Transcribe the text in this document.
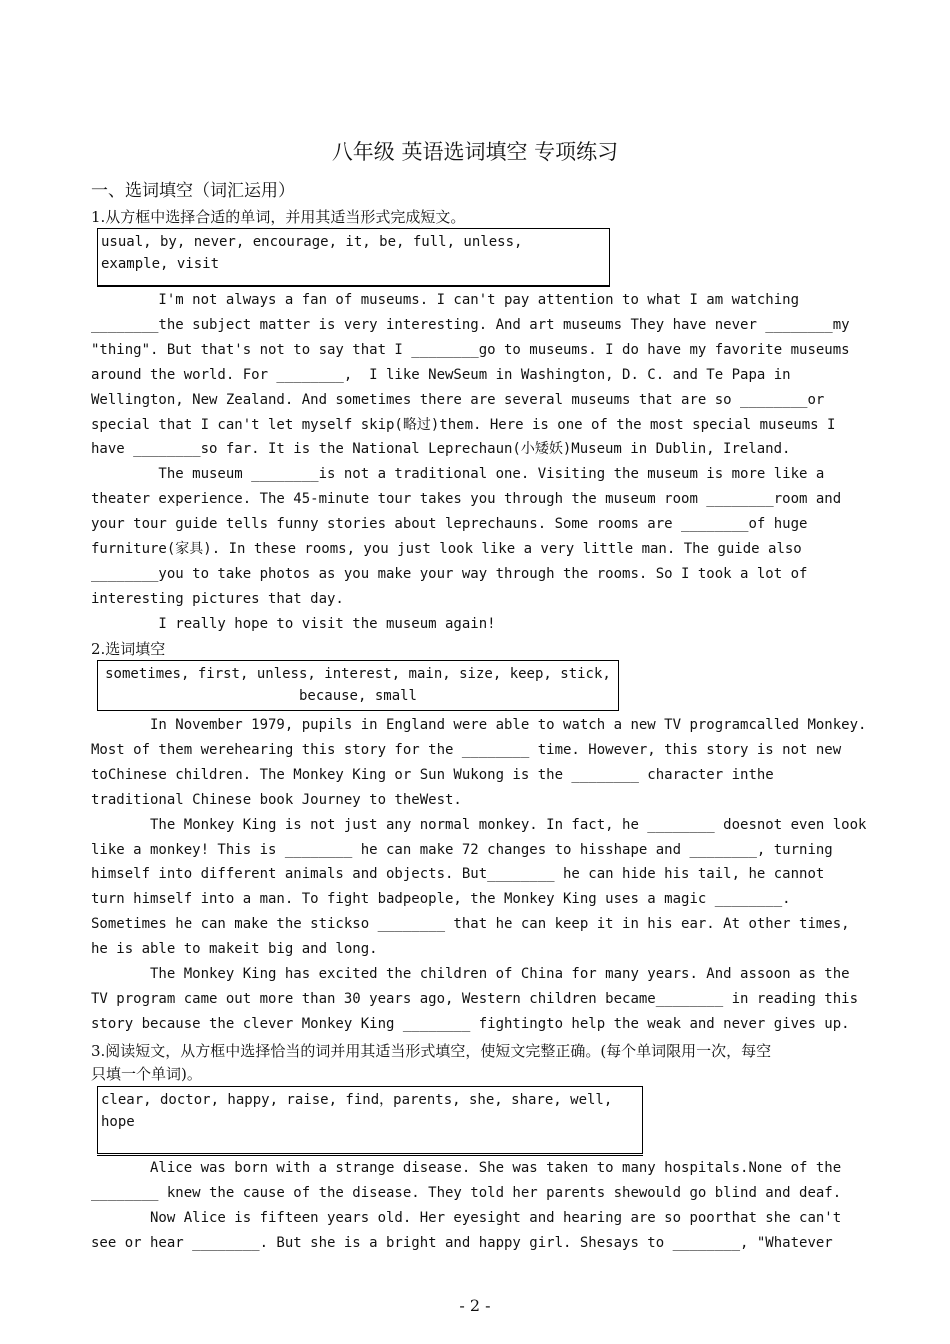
八年级 英语选词填空 专项练习
一、选词填空（词汇运用）
1.从方框中选择合适的单词，并用其适当形式完成短文。
usual, by, never, encourage, it, be, full, unless,
example, visit
I'm not always a fan of museums. I can't pay attention to what I am watching
________the subject matter is very interesting. And art museums They have never ________my
"thing". But that's not to say that I ________go to museums. I do have my favorite museums
around the world. For ________,  I like NewSeum in Washington, D. C. and Te Papa in
Wellington, New Zealand. And sometimes there are several museums that are so ________or
special that I can't let myself skip(略过)them. Here is one of the most special museums I
have ________so far. It is the National Leprechaun(小矮妖)Museum in Dublin, Ireland.
The museum ________is not a traditional one. Visiting the museum is more like a
theater experience. The 45-minute tour takes you through the museum room ________room and
your tour guide tells funny stories about leprechauns. Some rooms are ________of huge
furniture(家具). In these rooms, you just look like a very little man. The guide also
________you to take photos as you make your way through the rooms. So I took a lot of
interesting pictures that day.
I really hope to visit the museum again!
2.选词填空
sometimes, first, unless, interest, main, size, keep, stick,
because, small
In November 1979, pupils in England were able to watch a new TV programcalled Monkey.
Most of them werehearing this story for the ________ time. However, this story is not new
toChinese children. The Monkey King or Sun Wukong is the ________ character inthe
traditional Chinese book Journey to theWest.
The Monkey King is not just any normal monkey. In fact, he ________ doesnot even look
like a monkey! This is ________ he can make 72 changes to hisshape and ________, turning
himself into different animals and objects. But________ he can hide his tail, he cannot
turn himself into a man. To fight badpeople, the Monkey King uses a magic ________.
Sometimes he can make the stickso ________ that he can keep it in his ear. At other times,
he is able to makeit big and long.
The Monkey King has excited the children of China for many years. And assoon as the
TV program came out more than 30 years ago, Western children became________ in reading this
story because the clever Monkey King ________ fightingto help the weak and never gives up.
3.阅读短文，从方框中选择恰当的词并用其适当形式填空，使短文完整正确。(每个单词限用一次，每空
只填一个单词)。
clear, doctor, happy, raise, find，parents, she, share, well,
hope
Alice was born with a strange disease. She was taken to many hospitals.None of the
________ knew the cause of the disease. They told her parents shewould go blind and deaf.
Now Alice is fifteen years old. Her eyesight and hearing are so poorthat she can't
see or hear ________. But she is a bright and happy girl. Shesays to ________, "Whatever
- 2 -
